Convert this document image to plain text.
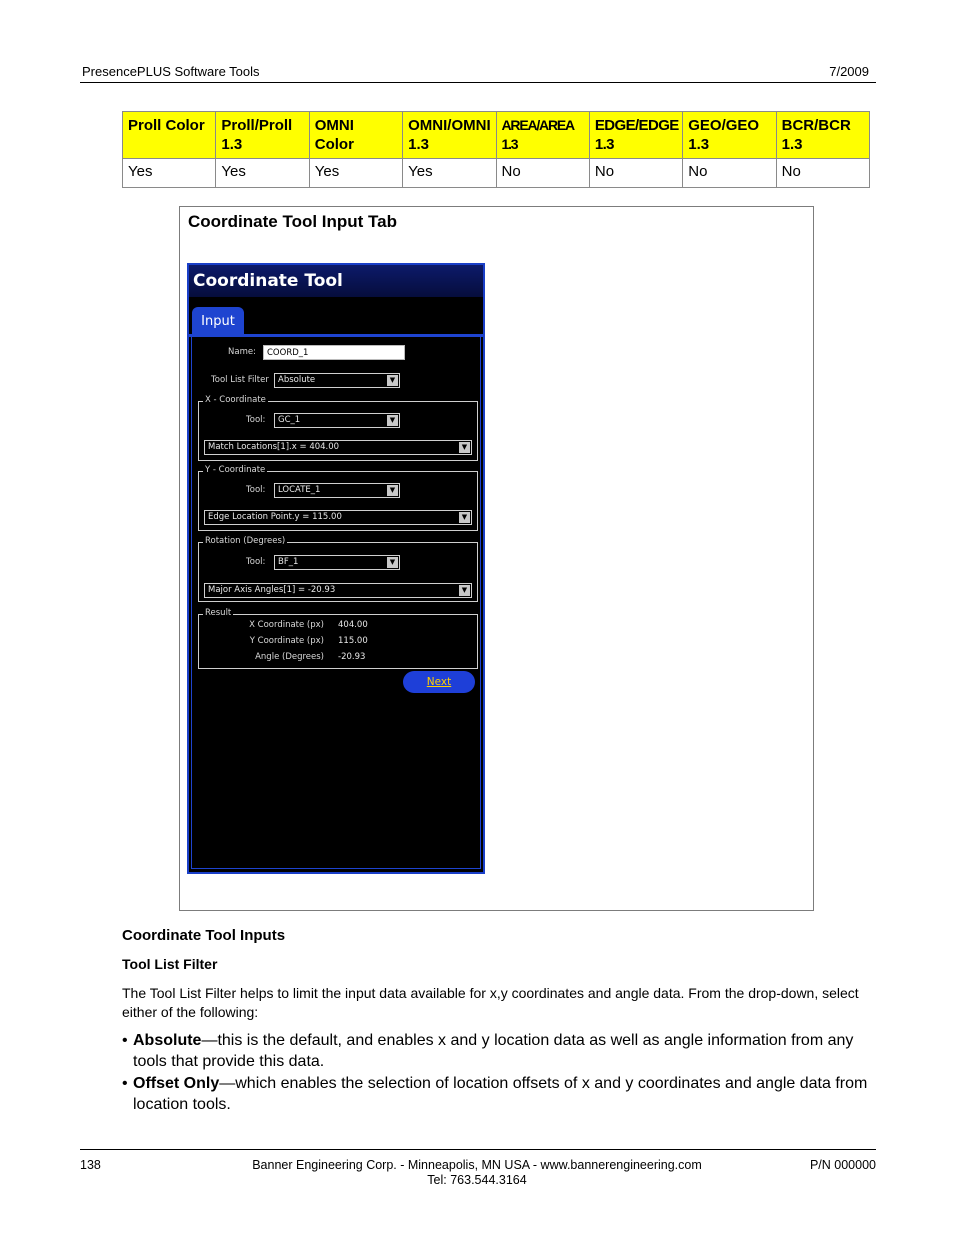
PresencePLUS Software Tools	7/2009
Proll Color	Proll/Proll 1.3	OMNI Color	OMNI/OMNI 1.3	AREA/AREA 1.3	EDGE/EDGE 1.3	GEO/GEO 1.3	BCR/BCR 1.3
Yes	Yes	Yes	Yes	No	No	No	No
Coordinate Tool Input Tab
Coordinate Tool
Input
Name:	COORD_1
Tool List Filter	Absolute	▼
X - Coordinate
Tool:	GC_1	▼
Match Locations[1].x = 404.00	▼
Y - Coordinate
Tool:	LOCATE_1	▼
Edge Location Point.y = 115.00	▼
Rotation (Degrees)
Tool:	BF_1	▼
Major Axis Angles[1] = -20.93	▼
Result
X Coordinate (px) 404.00
Y Coordinate (px) 115.00
Angle (Degrees) -20.93
Next
Coordinate Tool Inputs
Tool List Filter
The Tool List Filter helps to limit the input data available for x,y coordinates and angle data. From the drop-down, select either of the following:
• Absolute—this is the default, and enables x and y location data as well as angle information from any tools that provide this data.
• Offset Only—which enables the selection of location offsets of x and y coordinates and angle data from location tools.
138	Banner Engineering Corp. - Minneapolis, MN USA - www.bannerengineering.com
Tel: 763.544.3164
P/N 000000
